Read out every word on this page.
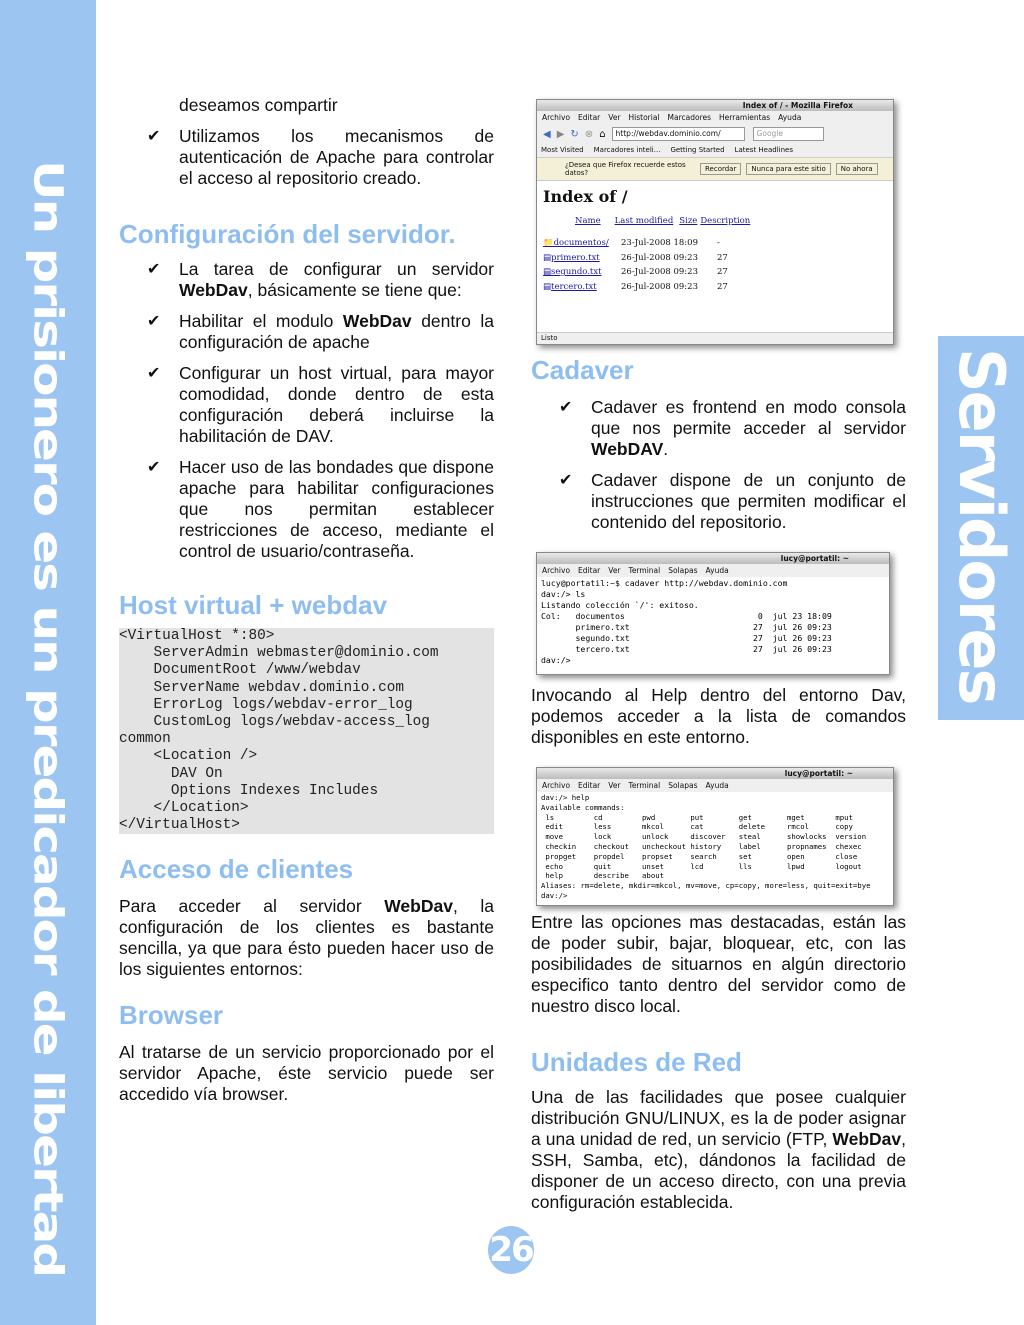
Un prisionero es un predicador de libertad	Servidores
deseamos compartir
✔ Utilizamos los mecanismos de autenticación de Apache para controlar el acceso al repositorio creado.
Configuración del servidor.
✔ La tarea de configurar un servidor WebDav, básicamente se tiene que:
✔ Habilitar el modulo WebDav dentro la configuración de apache
✔ Configurar un host virtual, para mayor comodidad, donde dentro de esta configuración deberá incluirse la habilitación de DAV.
✔ Hacer uso de las bondades que dispone apache para habilitar configuraciones que nos permitan establecer restricciones de acceso, mediante el control de usuario/contraseña.
Host virtual + webdav
<VirtualHost *:80>
ServerAdmin webmaster@dominio.com
DocumentRoot /www/webdav
ServerName webdav.dominio.com
ErrorLog logs/webdav-error_log
CustomLog logs/webdav-access_log
common
<Location />
DAV On
Options Indexes Includes
</Location>
</VirtualHost>
Acceso de clientes

Para acceder al servidor WebDav, la configuración de los clientes es bastante sencilla, ya que para ésto pueden hacer uso de los siguientes entornos:

Browser

Al tratarse de un servicio proporcionado por el servidor Apache, éste servicio puede ser accedido vía browser.

Index of / - Mozilla Firefox
Archivo Editar Ver Historial Marcadores Herramientas Ayuda
◀ ▶ ↻ ⊗ ⌂	http://webdav.dominio.com/	Google
Most Visited Marcadores inteli... Getting Started Latest Headlines
¿Desea que Firefox recuerde estos datos?	Recordar	Nunca para este sitio	No ahora
Index of /
Name Last modified Size Description
📁documentos/ 23-Jul-2008 18:09 -
▤primero.txt	26-Jul-2008 09:23 27
▤segundo.txt 26-Jul-2008 09:23 27
▤tercero.txt	26-Jul-2008 09:23 27
Listo
Cadaver
✔ Cadaver es frontend en modo consola que nos permite acceder al servidor WebDAV.
✔ Cadaver dispone de un conjunto de instrucciones que permiten modificar el contenido del repositorio.

Invocando al Help dentro del entorno Dav, podemos acceder a la lista de comandos disponibles en este entorno.

Entre las opciones mas destacadas, están las de poder subir, bajar, bloquear, etc, con las posibilidades de situarnos en algún directorio especifico tanto dentro del servidor como de nuestro disco local.

Unidades de Red

Una de las facilidades que posee cualquier distribución GNU/LINUX, es la de poder asignar a una unidad de red, un servicio (FTP, WebDav, SSH, Samba, etc), dándonos la facilidad de disponer de un acceso directo, con una previa configuración establecida.

lucy@portatil: ~
Archivo Editar Ver Terminal Solapas Ayuda
lucy@portatil:~$ cadaver http://webdav.dominio.com
dav:/> ls
Listando colección `/': exitoso.
Col:   documentos                           0  jul 23 18:09
primero.txt                         27  jul 26 09:23
segundo.txt                         27  jul 26 09:23
tercero.txt                         27  jul 26 09:23
dav:/>
lucy@portatil: ~
Archivo Editar Ver Terminal Solapas Ayuda
dav:/> help
Available commands:
ls         cd         pwd        put        get        mget       mput
edit       less       mkcol      cat        delete     rmcol      copy
move       lock       unlock     discover   steal      showlocks  version
checkin    checkout   uncheckout history    label      propnames  chexec
propget    propdel    propset    search     set        open       close
echo       quit       unset      lcd        lls        lpwd       logout
help       describe   about
Aliases: rm=delete, mkdir=mkcol, mv=move, cp=copy, more=less, quit=exit=bye
dav:/>
26
